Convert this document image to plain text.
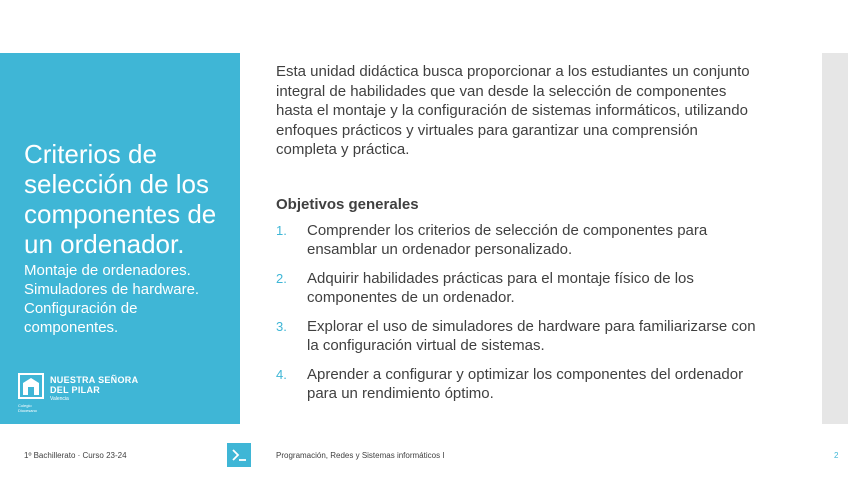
Criterios de selección de los componentes de un ordenador.
Montaje de ordenadores. Simuladores de hardware. Configuración de componentes.
NUESTRA SEÑORA
DEL PILAR
Valencia
Colegio Diocesano

Esta unidad didáctica busca proporcionar a los estudiantes un conjunto integral de habilidades que van desde la selección de componentes hasta el montaje y la configuración de sistemas informáticos, utilizando enfoques prácticos y virtuales para garantizar una comprensión completa y práctica.

Objetivos generales
1. Comprender los criterios de selección de componentes para ensamblar un ordenador personalizado.
2. Adquirir habilidades prácticas para el montaje físico de los componentes de un ordenador.
3. Explorar el uso de simuladores de hardware para familiarizarse con la configuración virtual de sistemas.
4. Aprender a configurar y optimizar los componentes del ordenador para un rendimiento óptimo.
1º Bachillerato · Curso 23-24	Programación, Redes y Sistemas informáticos I	2
